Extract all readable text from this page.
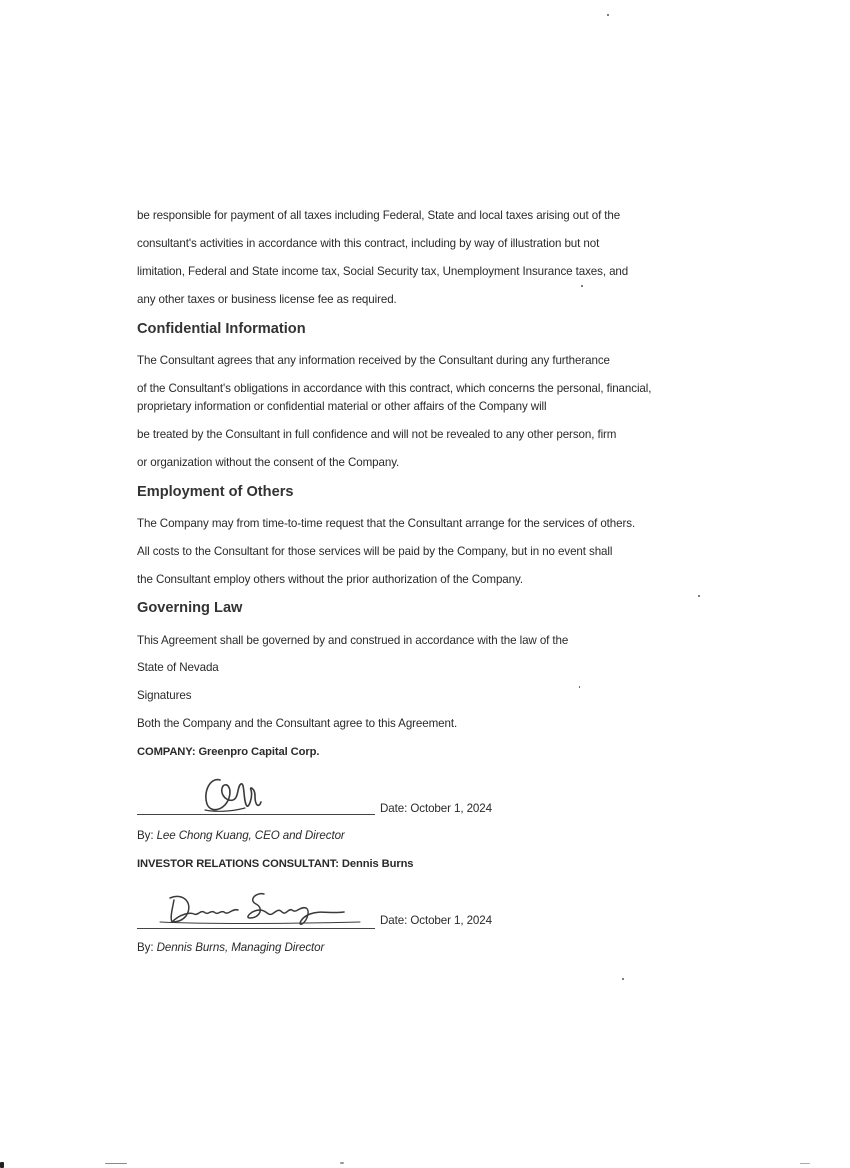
be responsible for payment of all taxes including Federal, State and local taxes arising out of the
consultant's activities in accordance with this contract, including by way of illustration but not
limitation, Federal and State income tax, Social Security tax, Unemployment Insurance taxes, and
any other taxes or business license fee as required.
Confidential Information
The Consultant agrees that any information received by the Consultant during any furtherance
of the Consultant's obligations in accordance with this contract, which concerns the personal, financial,
proprietary information or confidential material or other affairs of the Company will
be treated by the Consultant in full confidence and will not be revealed to any other person, firm
or organization without the consent of the Company.
Employment of Others
The Company may from time-to-time request that the Consultant arrange for the services of others.
All costs to the Consultant for those services will be paid by the Company, but in no event shall
the Consultant employ others without the prior authorization of the Company.
Governing Law
This Agreement shall be governed by and construed in accordance with the law of the
State of Nevada
Signatures
Both the Company and the Consultant agree to this Agreement.
COMPANY: Greenpro Capital Corp.
Date: October 1, 2024
By: Lee Chong Kuang, CEO and Director
INVESTOR RELATIONS CONSULTANT: Dennis Burns
Date: October 1, 2024
By: Dennis Burns, Managing Director
